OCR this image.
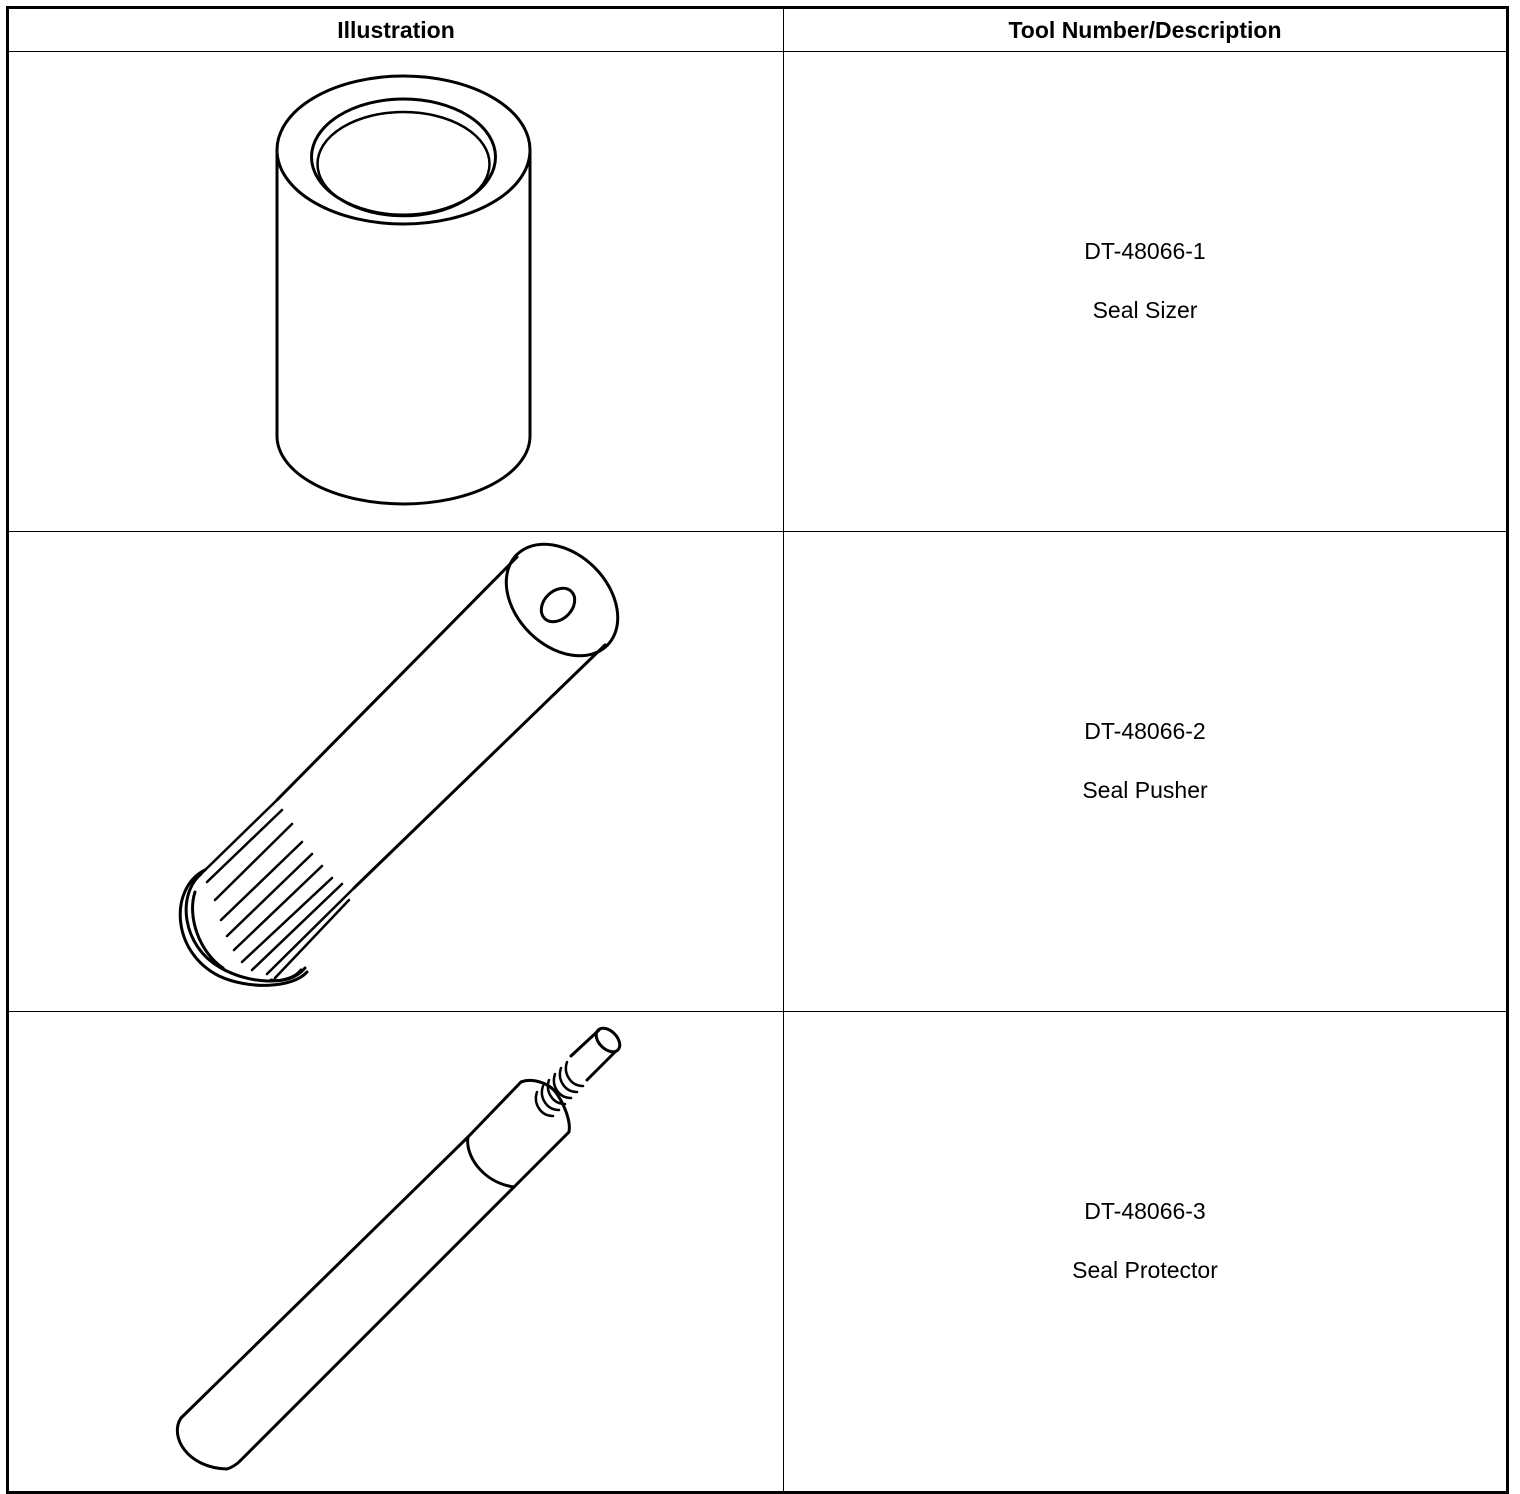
Illustration	Tool Number/Description

DT-48066-1
Seal Sizer

DT-48066-2
Seal Pusher

DT-48066-3
Seal Protector
